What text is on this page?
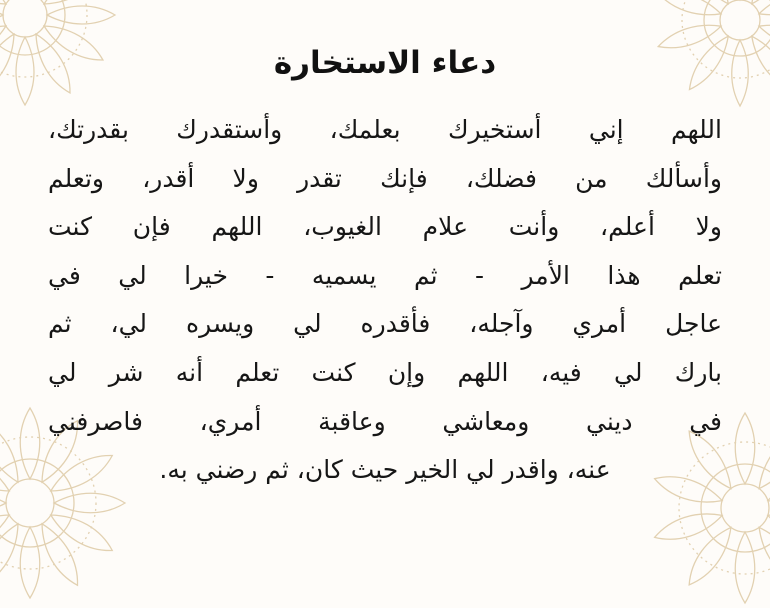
دعاء الاستخارة
اللهم إني أستخيرك بعلمك، وأستقدرك بقدرتك،
وأسألك من فضلك، فإنك تقدر ولا أقدر، وتعلم
ولا أعلم، وأنت علام الغيوب، اللهم فإن كنت
تعلم هذا الأمر - ثم يسميه - خيرا لي في
عاجل أمري وآجله، فأقدره لي ويسره لي، ثم
بارك لي فيه، اللهم وإن كنت تعلم أنه شر لي
في ديني ومعاشي وعاقبة أمري، فاصرفني
عنه، واقدر لي الخير حيث كان، ثم رضني به.
